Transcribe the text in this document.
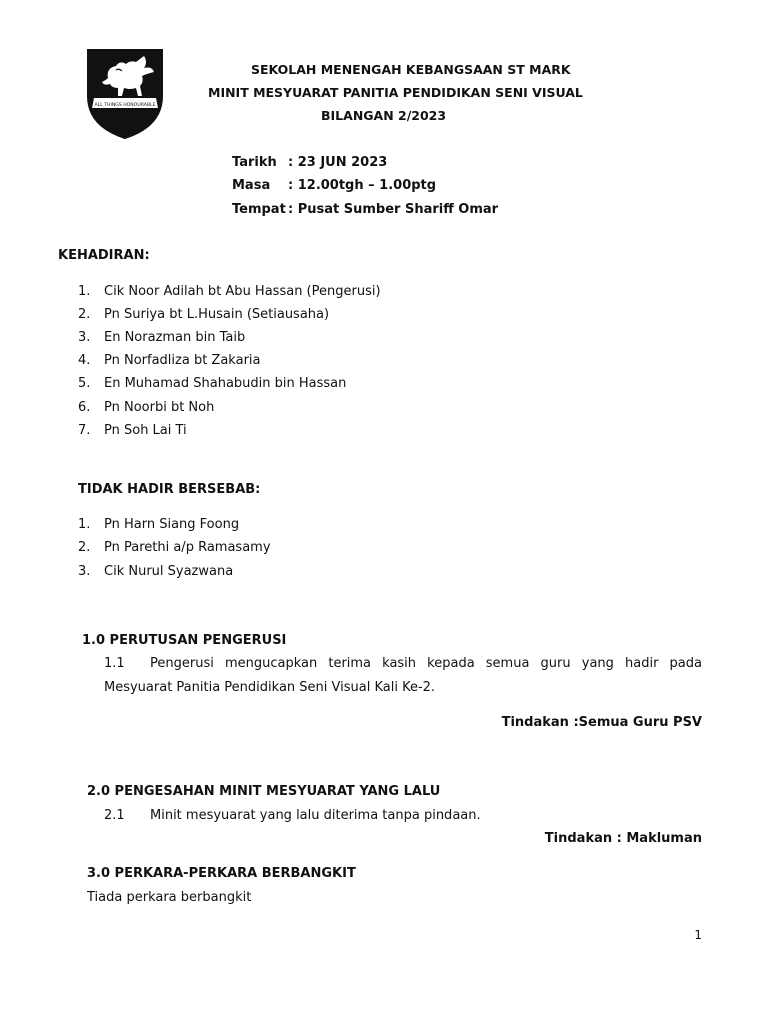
ALL THINGS HONOURABLE
SEKOLAH MENENGAH KEBANGSAAN ST MARK
MINIT MESYUARAT PANITIA PENDIDIKAN SENI VISUAL
BILANGAN 2/2023
Tarikh : 23 JUN 2023
Masa : 12.00tgh – 1.00ptg
Tempat : Pusat Sumber Shariff Omar
KEHADIRAN:
1. Cik Noor Adilah bt Abu Hassan (Pengerusi)
2. Pn Suriya bt L.Husain (Setiausaha)
3. En Norazman bin Taib
4. Pn Norfadliza bt Zakaria
5. En Muhamad Shahabudin bin Hassan
6. Pn Noorbi bt Noh
7. Pn Soh Lai Ti
TIDAK HADIR BERSEBAB:
1. Pn Harn Siang Foong
2. Pn Parethi a/p Ramasamy
3. Cik Nurul Syazwana
1.0 PERUTUSAN PENGERUSI
1.1 Pengerusi mengucapkan terima kasih kepada semua guru yang hadir pada Mesyuarat Panitia Pendidikan Seni Visual Kali Ke-2.
Tindakan :Semua Guru PSV
2.0 PENGESAHAN MINIT MESYUARAT YANG LALU
2.1 Minit mesyuarat yang lalu diterima tanpa pindaan.
Tindakan : Makluman
3.0 PERKARA-PERKARA BERBANGKIT
Tiada perkara berbangkit
1
